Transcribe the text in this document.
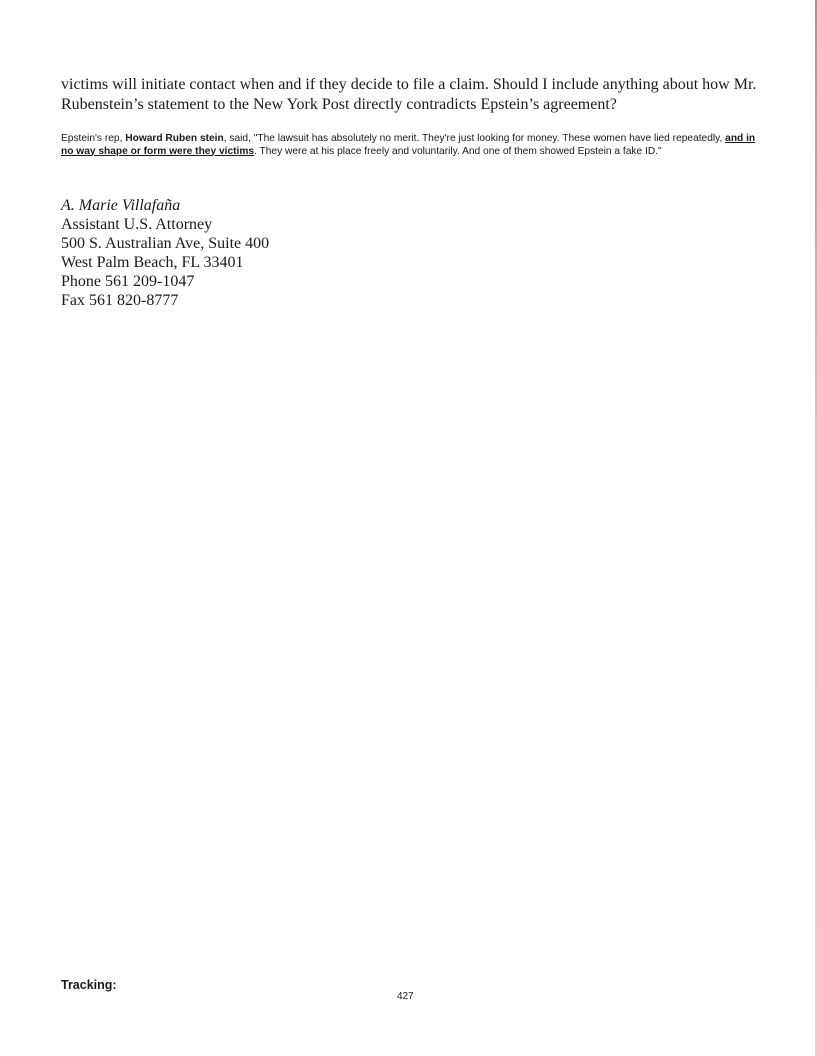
victims will initiate contact when and if they decide to file a claim. Should I include anything about how Mr. Rubenstein’s statement to the New York Post directly contradicts Epstein’s agreement?

Epstein's rep, Howard Ruben stein, said, "The lawsuit has absolutely no merit. They're just looking for money. These women have lied repeatedly, and in no way shape or form were they victims. They were at his place freely and voluntarily. And one of them showed Epstein a fake ID."

A. Marie Villafaña
Assistant U.S. Attorney
500 S. Australian Ave, Suite 400
West Palm Beach, FL 33401
Phone 561 209-1047
Fax 561 820-8777
Tracking:
427
